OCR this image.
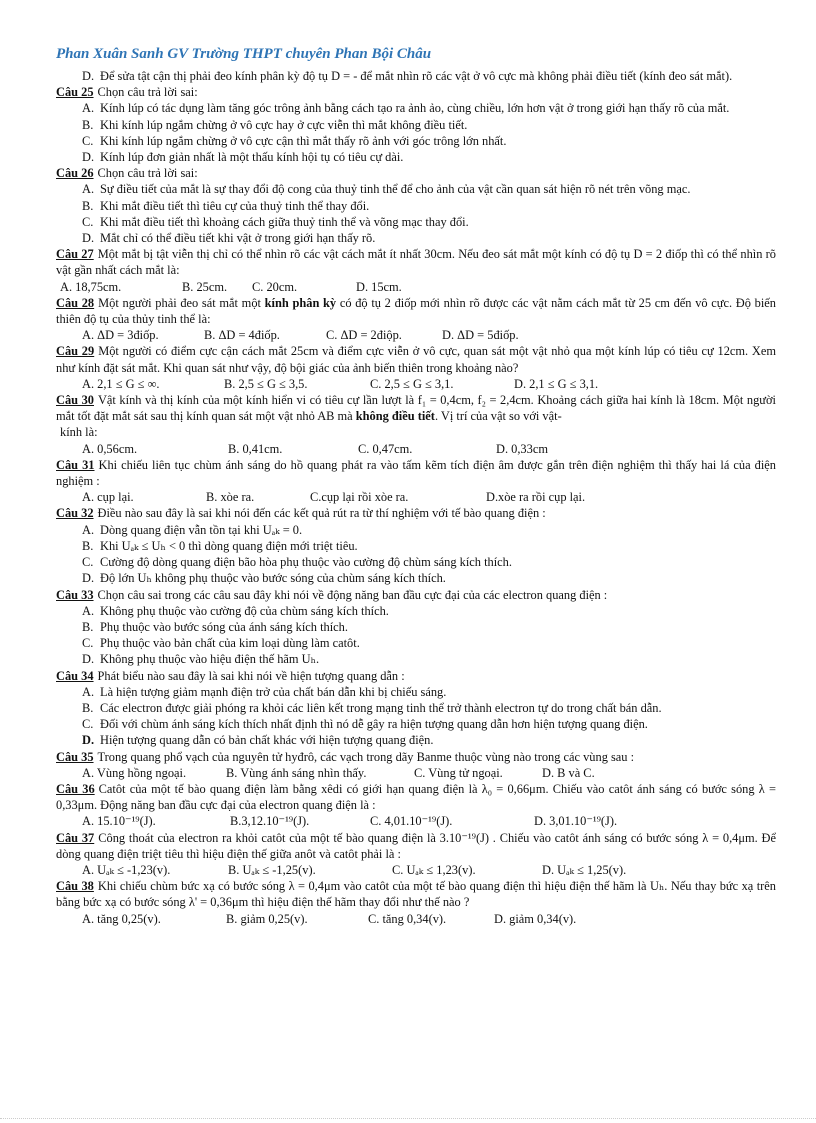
Phan Xuân Sanh GV Trường THPT chuyên Phan Bội Châu
D. Để sửa tật cận thị phải đeo kính phân kỳ độ tụ D = - để mắt nhìn rõ các vật ở vô cực mà không phải điều tiết (kính đeo sát mắt).
Câu 25 Chọn câu trả lời sai:
A. Kính lúp có tác dụng làm tăng góc trông ảnh bằng cách tạo ra ảnh ảo, cùng chiều, lớn hơn vật ở trong giới hạn thấy rõ của mắt.
B. Khi kính lúp ngắm chừng ở vô cực hay ở cực viễn thì mắt không điều tiết.
C. Khi kính lúp ngắm chừng ở vô cực cận thì mắt thấy rõ ảnh với góc trông lớn nhất.
D. Kính lúp đơn giản nhất là một thấu kính hội tụ có tiêu cự dài.
Câu 26 Chọn câu trả lời sai:
A. Sự điều tiết của mắt là sự thay đổi độ cong của thuỷ tinh thể để cho ảnh của vật cần quan sát hiện rõ nét trên võng mạc.
B. Khi mắt điều tiết thì tiêu cự của thuỷ tinh thể thay đổi.
C. Khi mắt điều tiết thì khoảng cách giữa thuỷ tinh thể và võng mạc thay đổi.
D. Mắt chỉ có thể điều tiết khi vật ở trong giới hạn thấy rõ.
Câu 27 Một mắt bị tật viễn thị chỉ có thể nhìn rõ các vật cách mắt ít nhất 30cm. Nếu đeo sát mắt một kính có độ tụ D = 2 điốp thì có thể nhìn rõ vật gần nhất cách mắt là:
A. 18,75cm.	B. 25cm.	C. 20cm.	D. 15cm.
Câu 28 Một người phải đeo sát mắt một kính phân kỳ có độ tụ 2 điốp mới nhìn rõ được các vật nằm cách mắt từ 25 cm đến vô cực. Độ biến thiên độ tụ của thủy tinh thể là:
A. ΔD = 3điốp.	B. ΔD = 4điốp.	C. ΔD = 2điộp.	D. ΔD = 5điốp.
Câu 29 Một người có điểm cực cận cách mắt 25cm và điểm cực viễn ở vô cực, quan sát một vật nhỏ qua một kính lúp có tiêu cự 12cm. Xem như kính đặt sát mắt. Khi quan sát như vậy, độ bội giác của ảnh biến thiên trong khoảng nào?
A. 2,1 ≤ G ≤ ∞.	B. 2,5 ≤ G ≤ 3,5.	C. 2,5 ≤ G ≤ 3,1.	D. 2,1 ≤ G ≤ 3,1.
Câu 30 Vật kính và thị kính của một kính hiển vi có tiêu cự lần lượt là f₁ = 0,4cm, f₂ = 2,4cm. Khoảng cách giữa hai kính là 18cm. Một người mắt tốt đặt mắt sát sau thị kính quan sát một vật nhỏ AB mà không điều tiết. Vị trí của vật so với vật-
kính là:
A. 0,56cm.	B. 0,41cm.	C. 0,47cm.	D. 0,33cm
Câu 31 Khi chiếu liên tục chùm ánh sáng do hồ quang phát ra vào tấm kẽm tích điện âm được gắn trên điện nghiệm thì thấy hai lá của điện nghiệm :
A. cụp lại.	B. xòe ra.	C.cụp lại rồi xòe ra.	D.xòe ra rồi cụp lại.
Câu 32 Điều nào sau đây là sai khi nói đến các kết quả rút ra từ thí nghiệm với tế bào quang điện :
A. Dòng quang điện vẫn tồn tại khi Uₐₖ = 0.
B. Khi Uₐₖ ≤ Uₕ < 0 thì dòng quang điện mới triệt tiêu.
C. Cường độ dòng quang điện bão hòa phụ thuộc vào cường độ chùm sáng kích thích.
D. Độ lớn Uₕ không phụ thuộc vào bước sóng của chùm sáng kích thích.
Câu 33 Chọn câu sai trong các câu sau đây khi nói về động năng ban đầu cực đại của các electron quang điện :
A. Không phụ thuộc vào cường độ của chùm sáng kích thích.
B. Phụ thuộc vào bước sóng của ánh sáng kích thích.
C. Phụ thuộc vào bản chất của kim loại dùng làm catôt.
D. Không phụ thuộc vào hiệu điện thế hãm Uₕ.
Câu 34 Phát biểu nào sau đây là sai khi nói về hiện tượng quang dẫn :
A. Là hiện tượng giảm mạnh điện trở của chất bán dẫn khi bị chiếu sáng.
B. Các electron được giải phóng ra khỏi các liên kết trong mạng tinh thể trở thành electron tự do trong chất bán dẫn.
C. Đối với chùm ánh sáng kích thích nhất định thì nó dễ gây ra hiện tượng quang dẫn hơn hiện tượng quang điện.
D. Hiện tượng quang dẫn có bản chất khác với hiện tượng quang điện.
Câu 35 Trong quang phổ vạch của nguyên tử hyđrô, các vạch trong dãy Banme thuộc vùng nào trong các vùng sau :
A. Vùng hồng ngoại.	B. Vùng ánh sáng nhìn thấy.	C. Vùng tử ngoại.	D. B và C.
Câu 36 Catôt của một tế bào quang điện làm bằng xêdi có giới hạn quang điện là λ₀ = 0,66μm. Chiếu vào catôt ánh sáng có bước sóng λ = 0,33μm. Động năng ban đầu cực đại của electron quang điện là :
A. 15.10⁻¹⁹(J).	B.3,12.10⁻¹⁹(J).	C. 4,01.10⁻¹⁹(J).	D. 3,01.10⁻¹⁹(J).
Câu 37 Công thoát của electron ra khỏi catôt của một tế bào quang điện là 3.10⁻¹⁹(J) . Chiếu vào catôt ánh sáng có bước sóng λ = 0,4μm. Để dòng quang điện triệt tiêu thì hiệu điện thế giữa anôt và catôt phải là :
A. Uₐₖ ≤ -1,23(v).	B. Uₐₖ ≤ -1,25(v).	C. Uₐₖ ≤ 1,23(v).	D. Uₐₖ ≤ 1,25(v).
Câu 38 Khi chiếu chùm bức xạ có bước sóng λ = 0,4μm vào catôt của một tế bào quang điện thì hiệu điện thế hãm là Uₕ. Nếu thay bức xạ trên bằng bức xạ có bước sóng λ' = 0,36μm thì hiệu điện thế hãm thay đổi như thế nào ?
A. tăng 0,25(v).	B. giảm 0,25(v).	C. tăng 0,34(v).	D. giảm 0,34(v).
